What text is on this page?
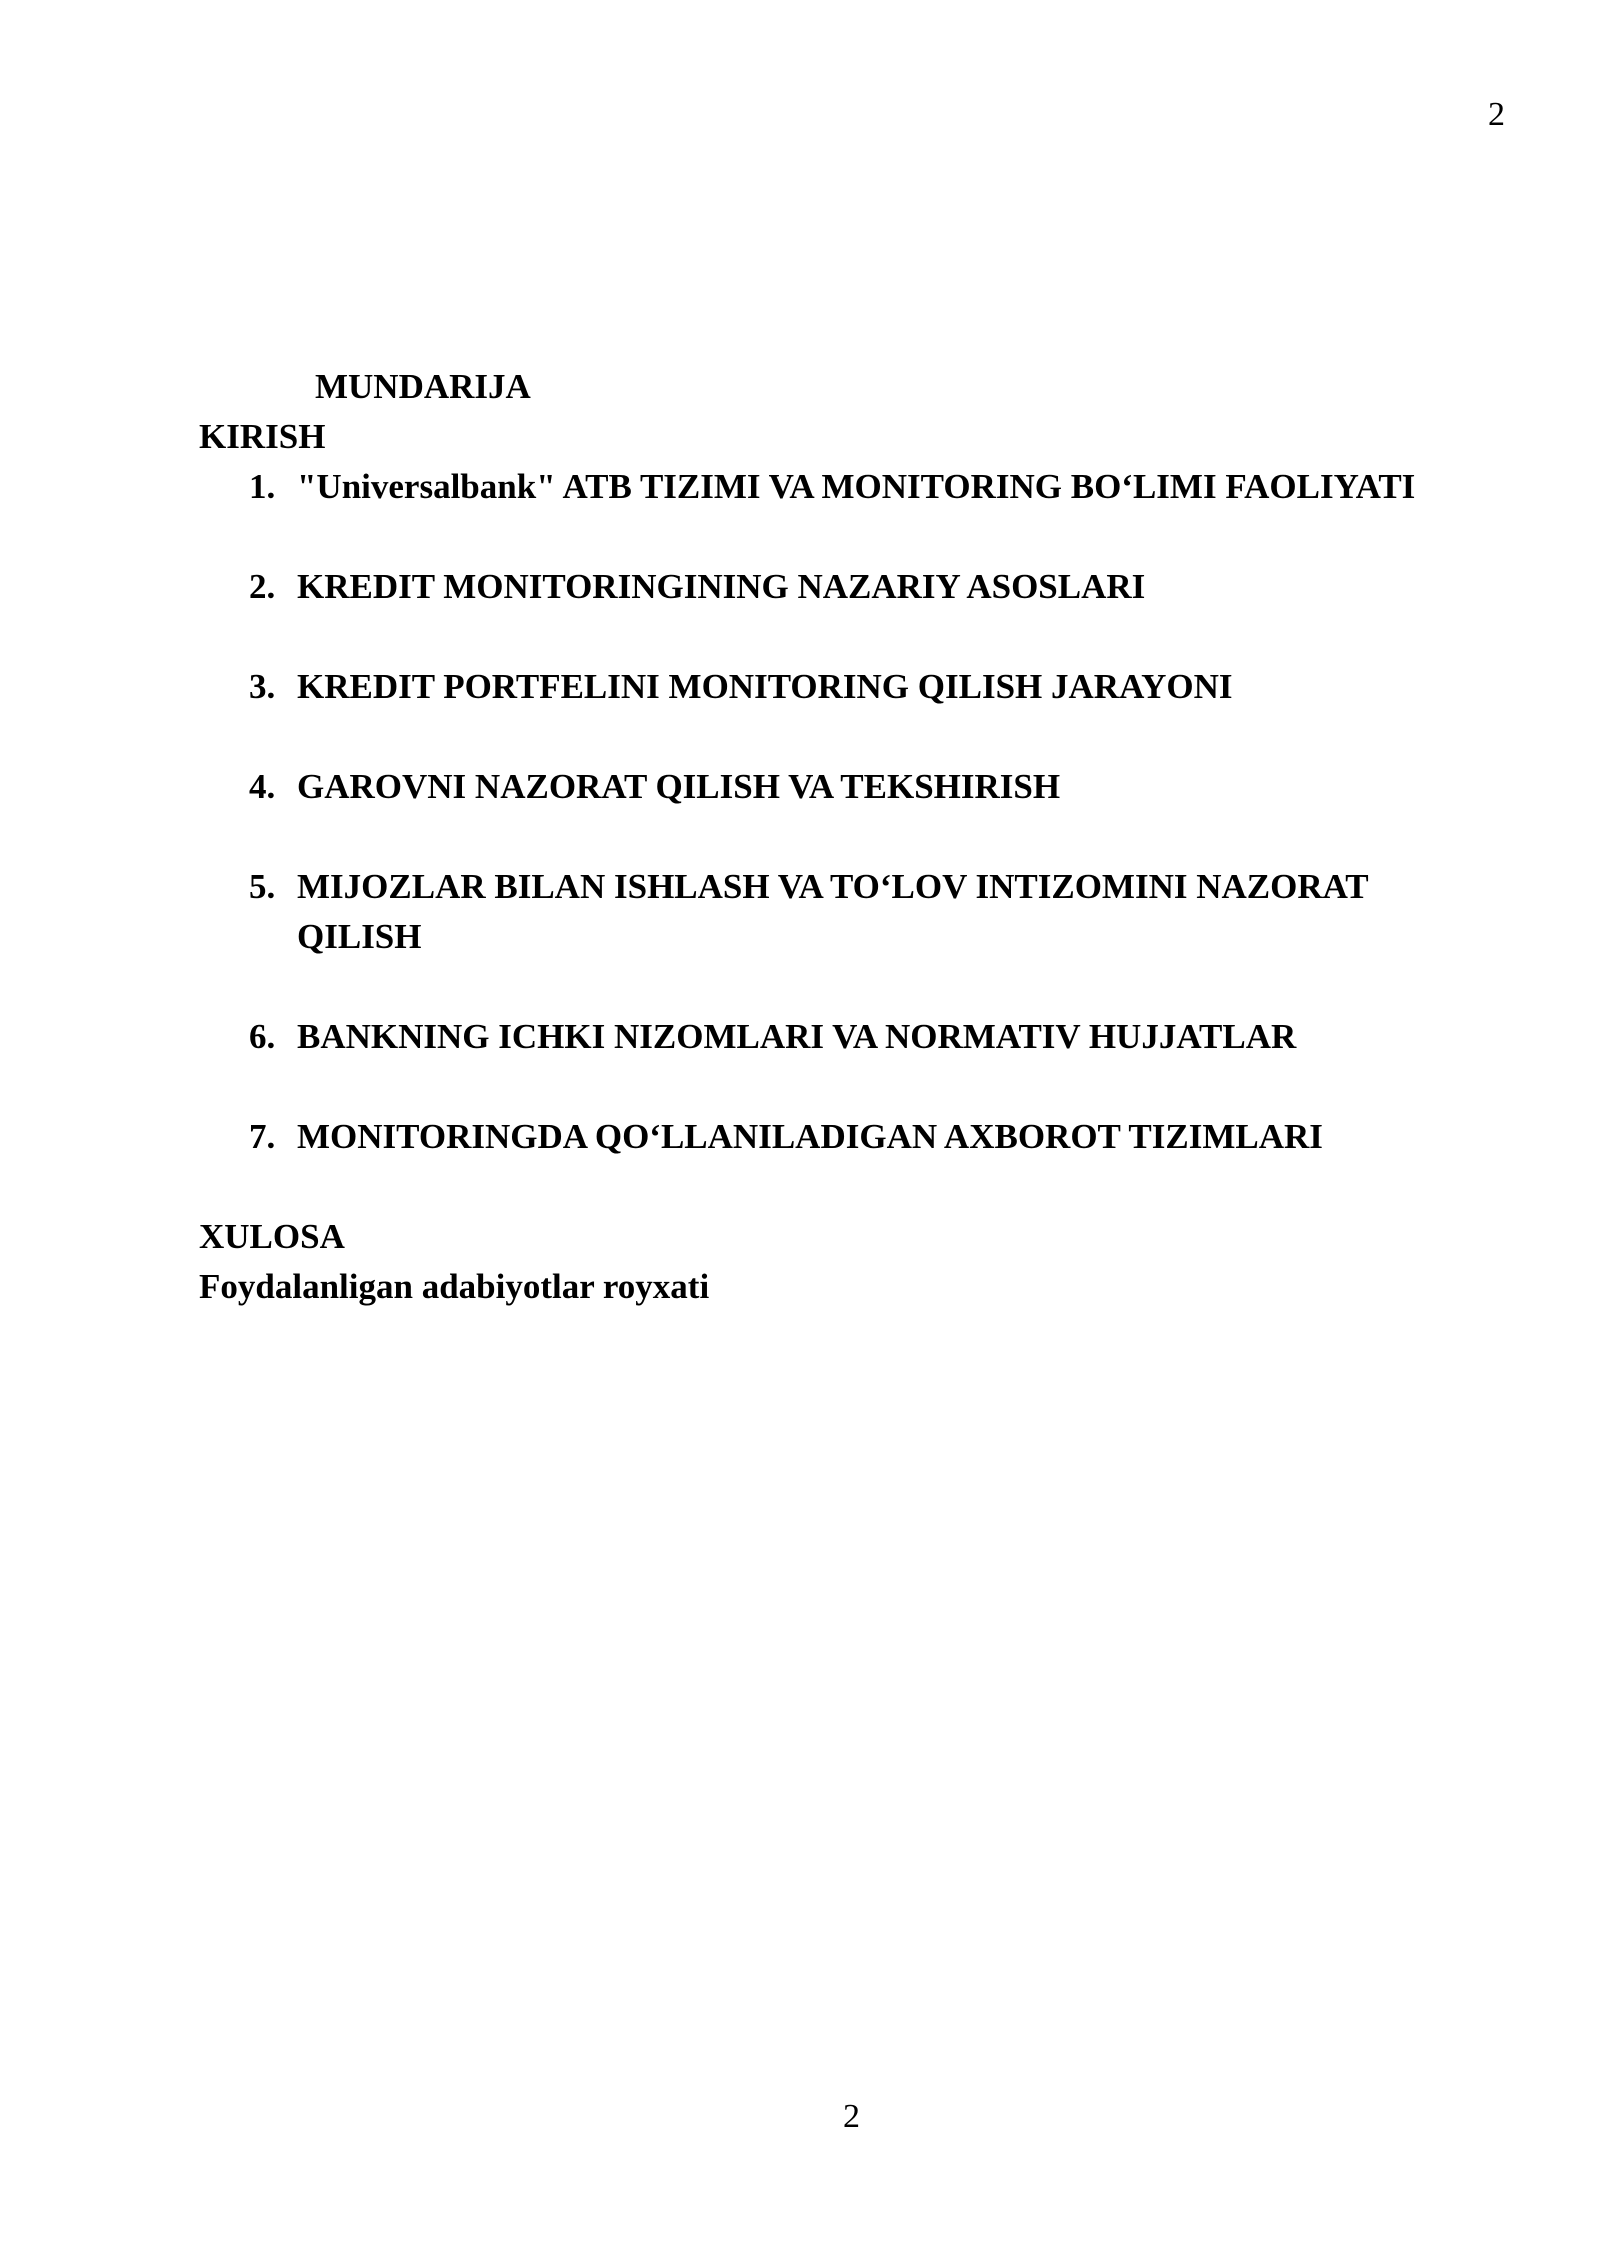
2
MUNDARIJA
KIRISH
1. "Universalbank" ATB TIZIMI VA MONITORING BO‘LIMI FAOLIYATI
2. KREDIT MONITORINGINING NAZARIY ASOSLARI
3. KREDIT PORTFELINI MONITORING QILISH JARAYONI
4. GAROVNI NAZORAT QILISH VA TEKSHIRISH
5. MIJOZLAR BILAN ISHLASH VA TO‘LOV INTIZOMINI NAZORAT QILISH
6. BANKNING ICHKI NIZOMLARI VA NORMATIV HUJJATLAR
7. MONITORINGDA QO‘LLANILADIGAN AXBOROT TIZIMLARI
XULOSA
Foydalanligan adabiyotlar royxati
2
